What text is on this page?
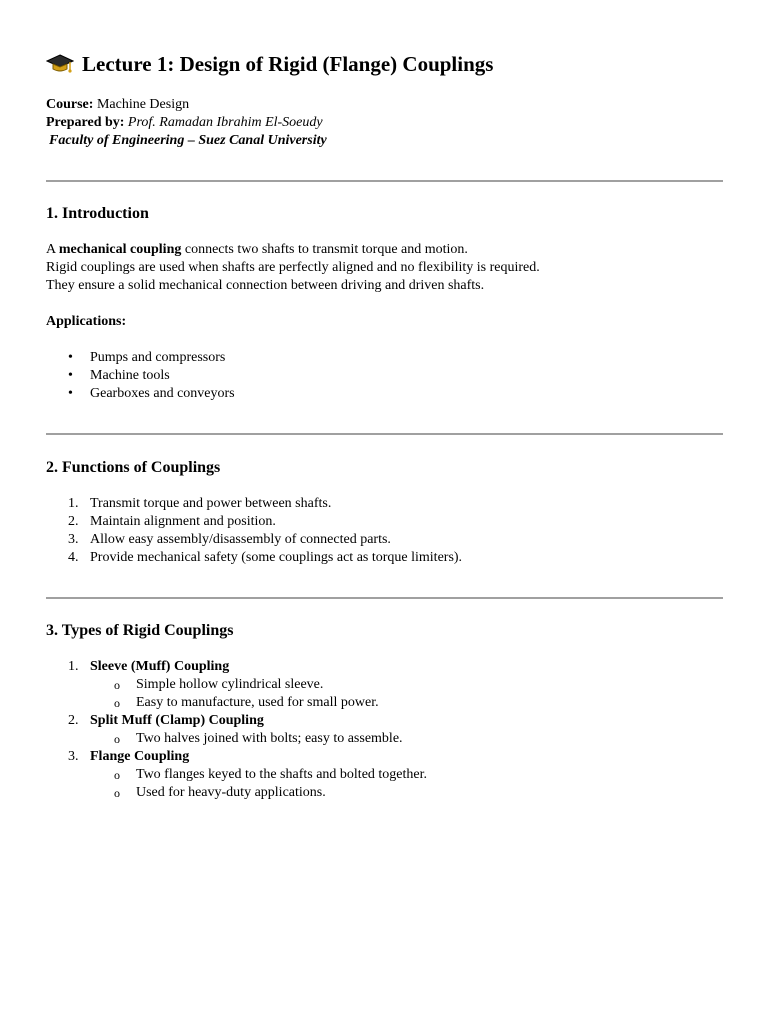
Lecture 1: Design of Rigid (Flange) Couplings
Course: Machine Design
Prepared by: Prof. Ramadan Ibrahim El-Soeudy
Faculty of Engineering – Suez Canal University
1. Introduction
A mechanical coupling connects two shafts to transmit torque and motion.
Rigid couplings are used when shafts are perfectly aligned and no flexibility is required.
They ensure a solid mechanical connection between driving and driven shafts.
Applications:
• Pumps and compressors
• Machine tools
• Gearboxes and conveyors
2. Functions of Couplings
1. Transmit torque and power between shafts.
2. Maintain alignment and position.
3. Allow easy assembly/disassembly of connected parts.
4. Provide mechanical safety (some couplings act as torque limiters).
3. Types of Rigid Couplings
1. Sleeve (Muff) Coupling
o Simple hollow cylindrical sleeve.
o Easy to manufacture, used for small power.
2. Split Muff (Clamp) Coupling
o Two halves joined with bolts; easy to assemble.
3. Flange Coupling
o Two flanges keyed to the shafts and bolted together.
o Used for heavy-duty applications.
